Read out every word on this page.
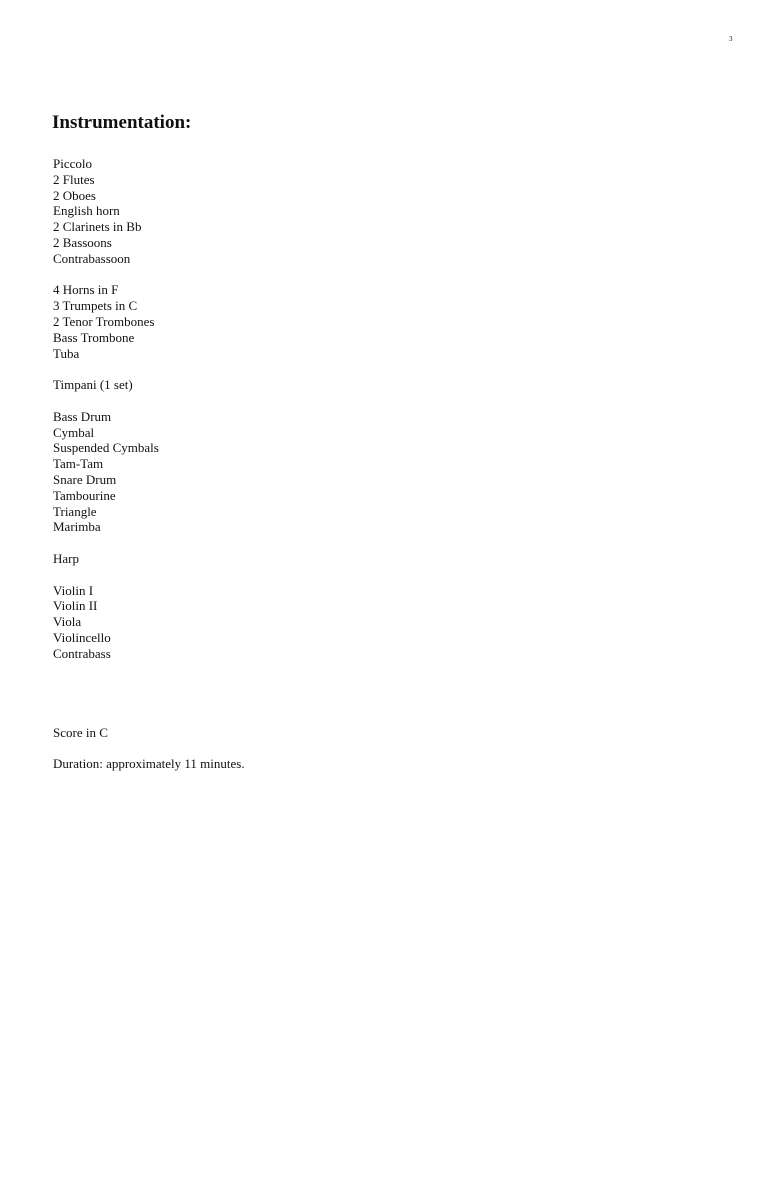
3
Instrumentation:
Piccolo
2 Flutes
2 Oboes
English horn
2 Clarinets in Bb
2 Bassoons
Contrabassoon
4 Horns in F
3 Trumpets in C
2 Tenor Trombones
Bass Trombone
Tuba
Timpani (1 set)
Bass Drum
Cymbal
Suspended Cymbals
Tam-Tam
Snare Drum
Tambourine
Triangle
Marimba
Harp
Violin I
Violin II
Viola
Violincello
Contrabass

Score in C

Duration: approximately 11 minutes.
